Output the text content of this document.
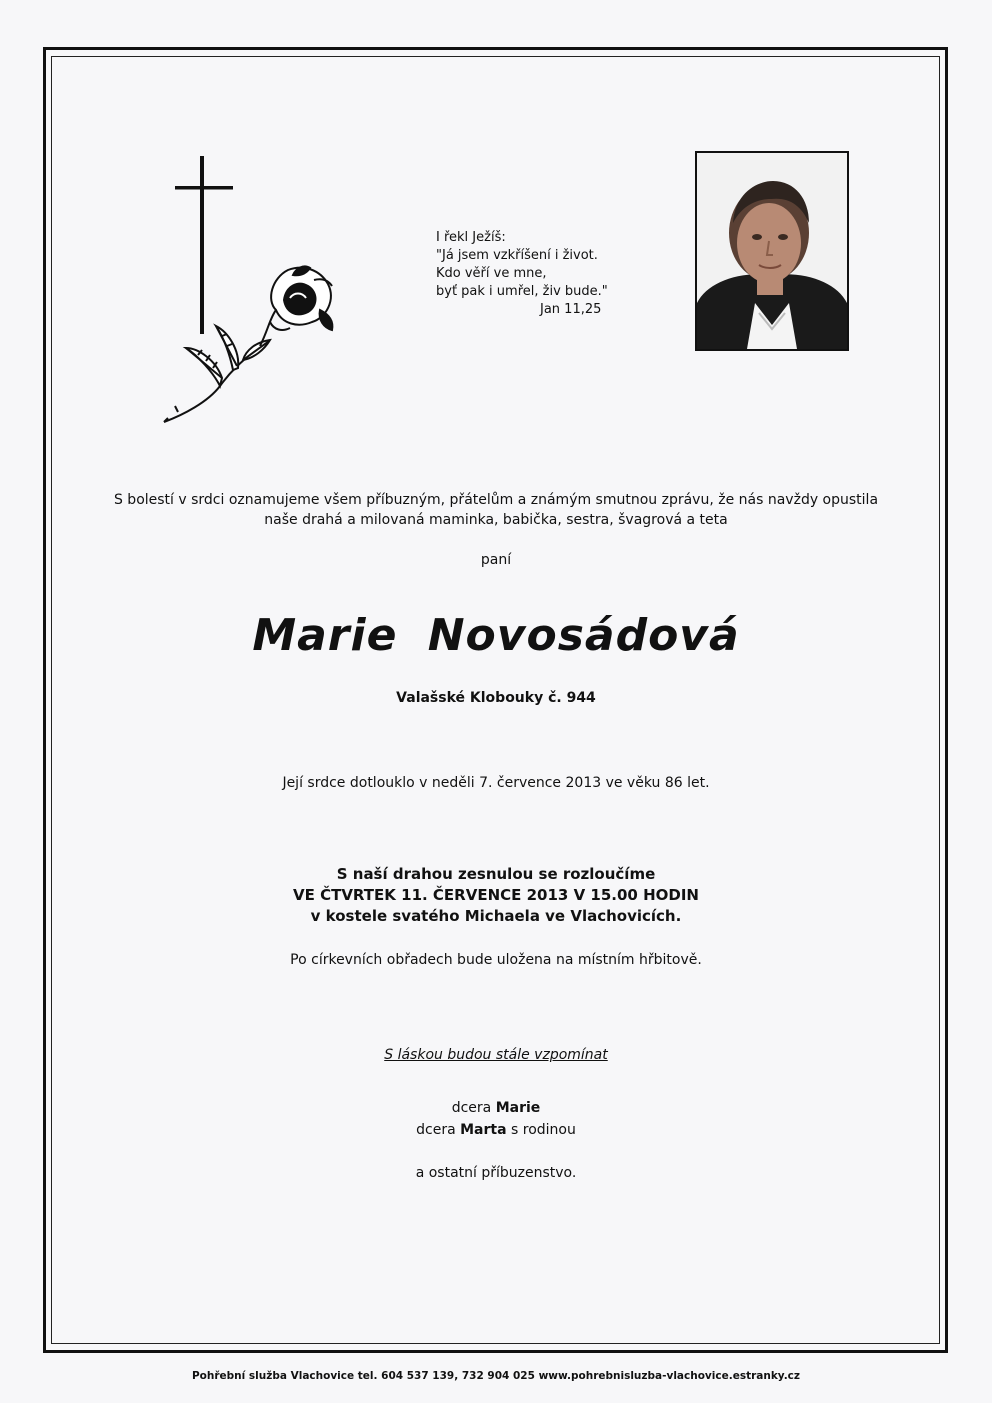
I řekl Ježíš:
"Já jsem vzkříšení i život.
Kdo věří ve mne,
byť pak i umřel, živ bude."
Jan 11,25
S bolestí v srdci oznamujeme všem příbuzným, přátelům a známým smutnou zprávu, že nás navždy opustila
naše drahá a milovaná maminka, babička, sestra, švagrová a teta
paní
Marie Novosádová
Valašské Klobouky č. 944
Její srdce dotlouklo v neděli 7. července 2013 ve věku 86 let.
S naší drahou zesnulou se rozloučíme
VE ČTVRTEK 11. ČERVENCE 2013 V 15.00 HODIN
v kostele svatého Michaela ve Vlachovicích.
Po církevních obřadech bude uložena na místním hřbitově.
S láskou budou stále vzpomínat
dcera Marie
dcera Marta s rodinou
a ostatní příbuzenstvo.
Pohřební služba Vlachovice tel. 604 537 139, 732 904 025 www.pohrebnisluzba-vlachovice.estranky.cz
